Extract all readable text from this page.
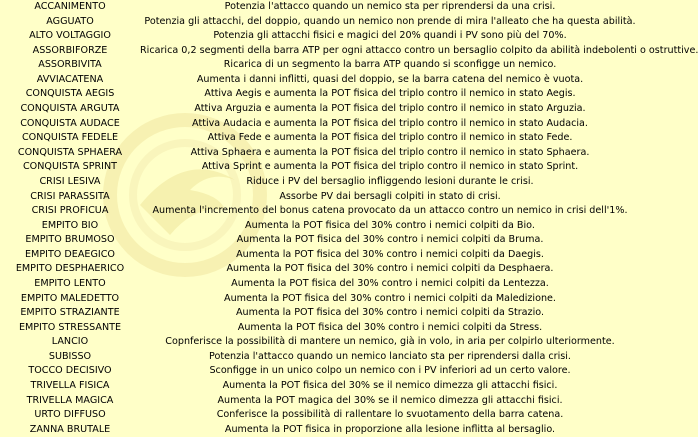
ACCANIMENTO	Potenzia l'attacco quando un nemico sta per riprendersi da una crisi.
AGGUATO	Potenzia gli attacchi, del doppio, quando un nemico non prende di mira l'alleato che ha questa abilità.
ALTO VOLTAGGIO	Potenzia gli attacchi fisici e magici del 20% quandi i PV sono più del 70%.
ASSORBIFORZE	Ricarica 0,2 segmenti della barra ATP per ogni attacco contro un bersaglio colpito da abilità indebolenti o ostruttive.
ASSORBIVITA	Ricarica di un segmento la barra ATP quando si sconfigge un nemico.
AVVIACATENA	Aumenta i danni inflitti, quasi del doppio, se la barra catena del nemico è vuota.
CONQUISTA AEGIS	Attiva Aegis e aumenta la POT fisica del triplo contro il nemico in stato Aegis.
CONQUISTA ARGUTA	Attiva Arguzia e aumenta la POT fisica del triplo contro il nemico in stato Arguzia.
CONQUISTA AUDACE	Attiva Audacia e aumenta la POT fisica del triplo contro il nemico in stato Audacia.
CONQUISTA FEDELE	Attiva Fede e aumenta la POT fisica del triplo contro il nemico in stato Fede.
CONQUISTA SPHAERA	Attiva Sphaera e aumenta la POT fisica del triplo contro il nemico in stato Sphaera.
CONQUISTA SPRINT	Attiva Sprint e aumenta la POT fisica del triplo contro il nemico in stato Sprint.
CRISI LESIVA	Riduce i PV del bersaglio infliggendo lesioni durante le crisi.
CRISI PARASSITA	Assorbe PV dai bersagli colpiti in stato di crisi.
CRISI PROFICUA	Aumenta l'incremento del bonus catena provocato da un attacco contro un nemico in crisi dell'1%.
EMPITO BIO	Aumenta la POT fisica del 30% contro i nemici colpiti da Bio.
EMPITO BRUMOSO	Aumenta la POT fisica del 30% contro i nemici colpiti da Bruma.
EMPITO DEAEGICO	Aumenta la POT fisica del 30% contro i nemici colpiti da Daegis.
EMPITO DESPHAERICO	Aumenta la POT fisica del 30% contro i nemici colpiti da Desphaera.
EMPITO LENTO	Aumenta la POT fisica del 30% contro i nemici colpiti da Lentezza.
EMPITO MALEDETTO	Aumenta la POT fisica del 30% contro i nemici colpiti da Maledizione.
EMPITO STRAZIANTE	Aumenta la POT fisica del 30% contro i nemici colpiti da Strazio.
EMPITO STRESSANTE	Aumenta la POT fisica del 30% contro i nemici colpiti da Stress.
LANCIO	Copnferisce la possibilità di mantere un nemico, già in volo, in aria per colpirlo ulteriormente.
SUBISSO	Potenzia l'attacco quando un nemico lanciato sta per riprendersi dalla crisi.
TOCCO DECISIVO	Sconfigge in un unico colpo un nemico con i PV inferiori ad un certo valore.
TRIVELLA FISICA	Aumenta la POT fisica del 30% se il nemico dimezza gli attacchi fisici.
TRIVELLA MAGICA	Aumenta la POT magica del 30% se il nemico dimezza gli attacchi fisici.
URTO DIFFUSO	Conferisce la possibilità di rallentare lo svuotamento della barra catena.
ZANNA BRUTALE	Aumenta la POT fisica in proporzione alla lesione inflitta al bersaglio.
